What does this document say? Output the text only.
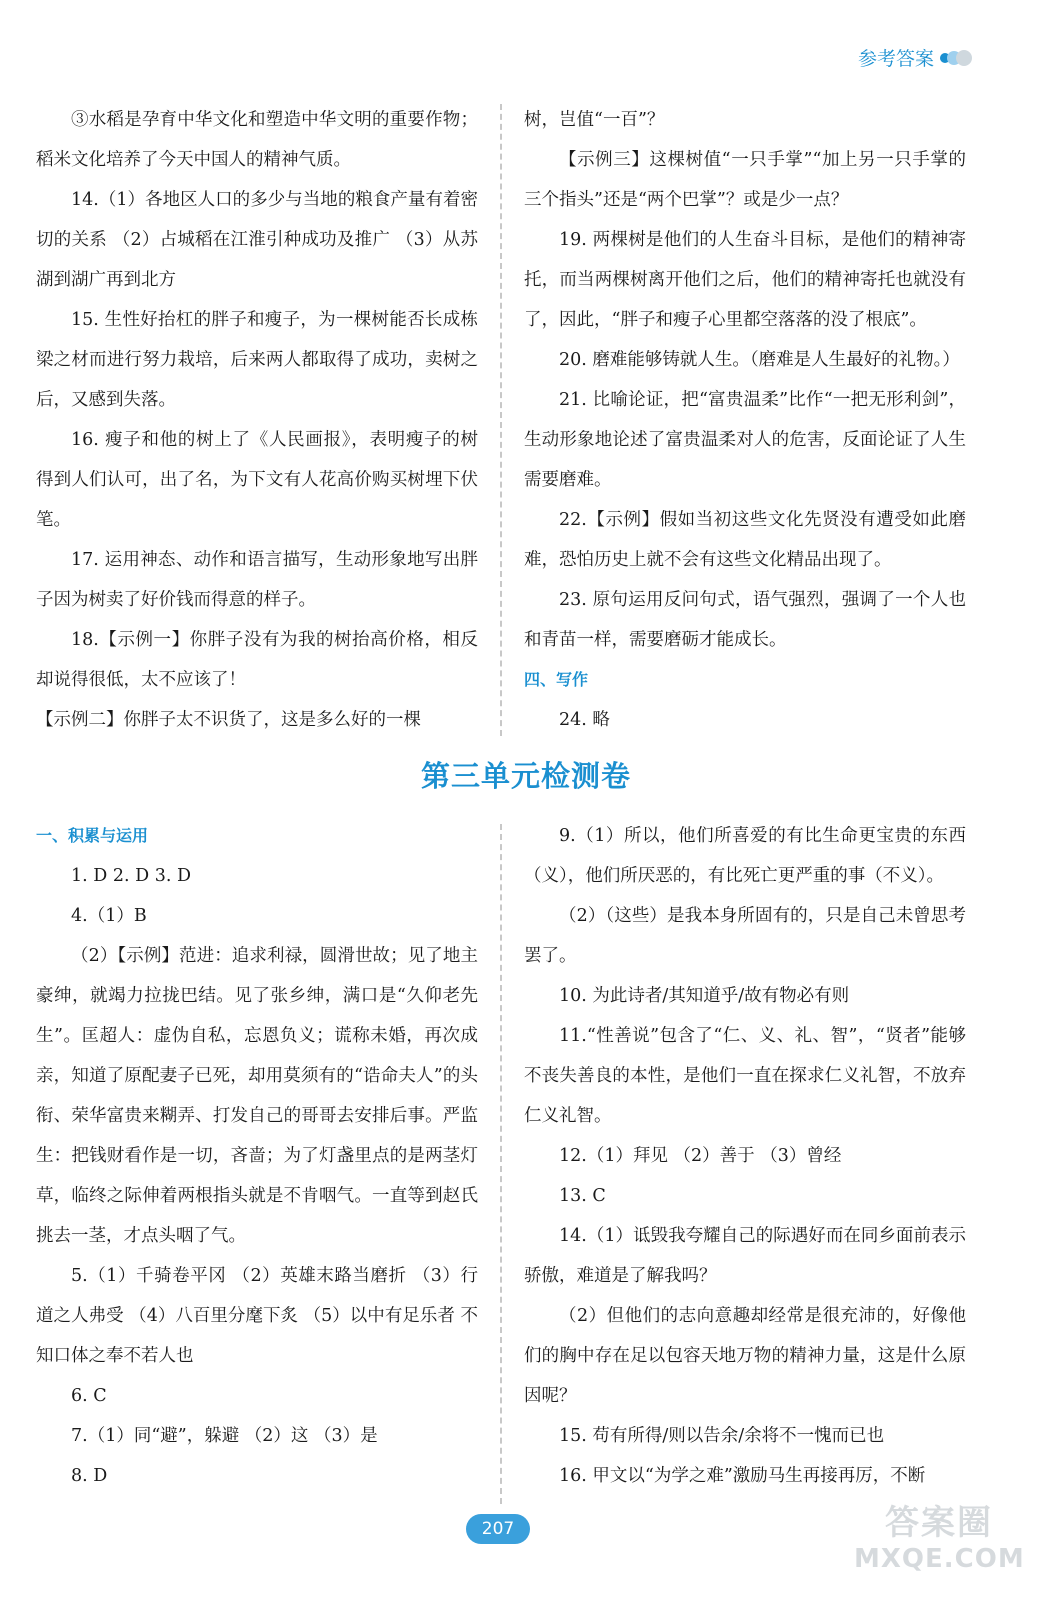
参考答案

③水稻是孕育中华文化和塑造中华文明的重要作物；稻米文化培养了今天中国人的精神气质。

14.（1）各地区人口的多少与当地的粮食产量有着密切的关系 （2）占城稻在江淮引种成功及推广 （3）从苏湖到湖广再到北方

15. 生性好抬杠的胖子和瘦子，为一棵树能否长成栋梁之材而进行努力栽培，后来两人都取得了成功，卖树之后，又感到失落。

16. 瘦子和他的树上了《人民画报》，表明瘦子的树得到人们认可，出了名，为下文有人花高价购买树埋下伏笔。

17. 运用神态、动作和语言描写，生动形象地写出胖子因为树卖了好价钱而得意的样子。

18.【示例一】你胖子没有为我的树抬高价格，相反却说得很低，太不应该了！

【示例二】你胖子太不识货了，这是多么好的一棵

树，岂值“一百”？

【示例三】这棵树值“一只手掌”“加上另一只手掌的三个指头”还是“两个巴掌”？或是少一点？

19. 两棵树是他们的人生奋斗目标，是他们的精神寄托，而当两棵树离开他们之后，他们的精神寄托也就没有了，因此，“胖子和瘦子心里都空落落的没了根底”。

20. 磨难能够铸就人生。（磨难是人生最好的礼物。）

21. 比喻论证，把“富贵温柔”比作“一把无形利剑”，生动形象地论述了富贵温柔对人的危害，反面论证了人生需要磨难。

22.【示例】假如当初这些文化先贤没有遭受如此磨难，恐怕历史上就不会有这些文化精品出现了。

23. 原句运用反问句式，语气强烈，强调了一个人也和青苗一样，需要磨砺才能成长。

四、写作

24. 略

第三单元检测卷

一、积累与运用

1. D 2. D 3. D

4.（1）B

（2）【示例】范进：追求利禄，圆滑世故；见了地主豪绅，就竭力拉拢巴结。见了张乡绅，满口是“久仰老先生”。匡超人：虚伪自私，忘恩负义；谎称未婚，再次成亲，知道了原配妻子已死，却用莫须有的“诰命夫人”的头衔、荣华富贵来糊弄、打发自己的哥哥去安排后事。严监生：把钱财看作是一切，吝啬；为了灯盏里点的是两茎灯草，临终之际伸着两根指头就是不肯咽气。一直等到赵氏挑去一茎，才点头咽了气。

5.（1）千骑卷平冈 （2）英雄末路当磨折 （3）行道之人弗受 （4）八百里分麾下炙 （5）以中有足乐者 不知口体之奉不若人也

6. C

7.（1）同“避”，躲避 （2）这 （3）是

8. D

9.（1）所以，他们所喜爱的有比生命更宝贵的东西（义），他们所厌恶的，有比死亡更严重的事（不义）。

（2）（这些）是我本身所固有的，只是自己未曾思考罢了。

10. 为此诗者/其知道乎/故有物必有则

11.“性善说”包含了“仁、义、礼、智”，“贤者”能够不丧失善良的本性，是他们一直在探求仁义礼智，不放弃仁义礼智。

12.（1）拜见 （2）善于 （3）曾经

13. C

14.（1）诋毁我夸耀自己的际遇好而在同乡面前表示骄傲，难道是了解我吗？

（2）但他们的志向意趣却经常是很充沛的，好像他们的胸中存在足以包容天地万物的精神力量，这是什么原因呢？

15. 苟有所得/则以告余/余将不一愧而已也

16. 甲文以“为学之难”激励马生再接再厉，不断

207	答案圈
MXQE.COM
